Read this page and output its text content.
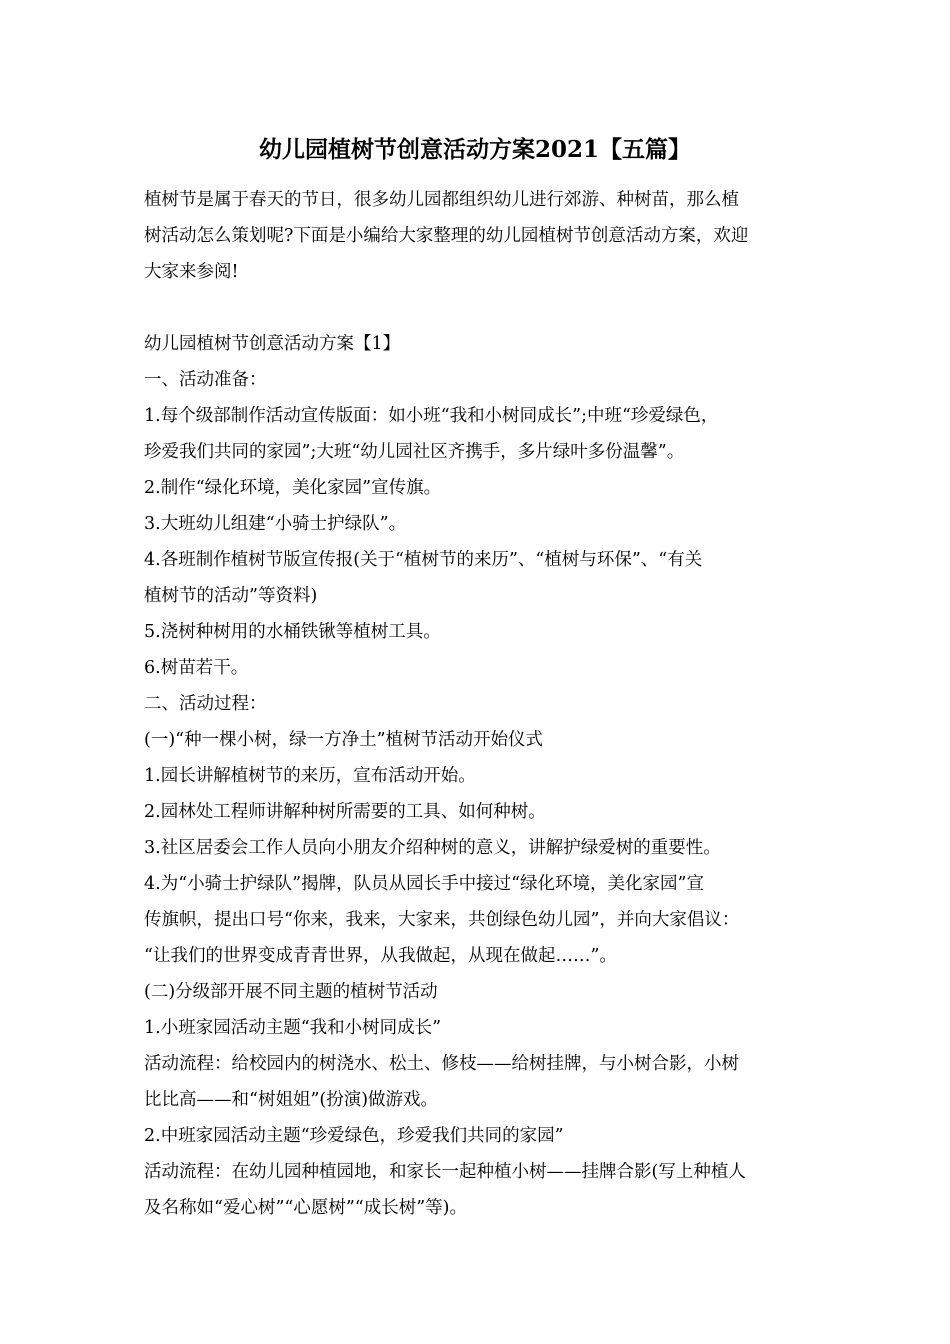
幼儿园植树节创意活动方案2021【五篇】

植树节是属于春天的节日，很多幼儿园都组织幼儿进行郊游、种树苗，那么植

树活动怎么策划呢?下面是小编给大家整理的幼儿园植树节创意活动方案，欢迎

大家来参阅!

幼儿园植树节创意活动方案【1】

一、活动准备：

1.每个级部制作活动宣传版面：如小班“我和小树同成长”;中班“珍爱绿色，

珍爱我们共同的家园”;大班“幼儿园社区齐携手，多片绿叶多份温馨”。

2.制作“绿化环境，美化家园”宣传旗。

3.大班幼儿组建“小骑士护绿队”。

4.各班制作植树节版宣传报(关于“植树节的来历”、“植树与环保”、“有关

植树节的活动”等资料)

5.浇树种树用的水桶铁锹等植树工具。

6.树苗若干。

二、活动过程：

(一)“种一棵小树，绿一方净土”植树节活动开始仪式

1.园长讲解植树节的来历，宣布活动开始。

2.园林处工程师讲解种树所需要的工具、如何种树。

3.社区居委会工作人员向小朋友介绍种树的意义，讲解护绿爱树的重要性。

4.为“小骑士护绿队”揭牌，队员从园长手中接过“绿化环境，美化家园”宣

传旗帜，提出口号“你来，我来，大家来，共创绿色幼儿园”，并向大家倡议：

“让我们的世界变成青青世界，从我做起，从现在做起……”。

(二)分级部开展不同主题的植树节活动

1.小班家园活动主题“我和小树同成长”

活动流程：给校园内的树浇水、松土、修枝——给树挂牌，与小树合影，小树

比比高——和“树姐姐”(扮演)做游戏。

2.中班家园活动主题“珍爱绿色，珍爱我们共同的家园”

活动流程：在幼儿园种植园地，和家长一起种植小树——挂牌合影(写上种植人

及名称如“爱心树”“心愿树”“成长树”等)。
